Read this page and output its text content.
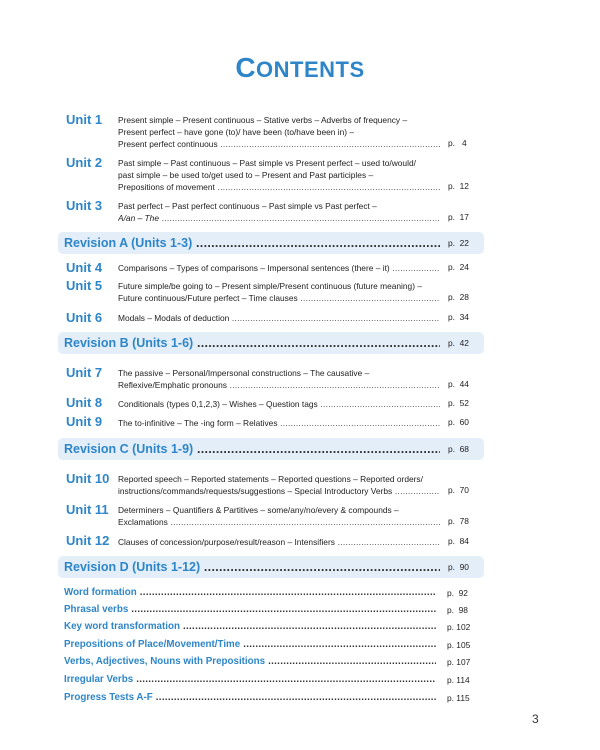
CONTENTS
Unit 1 Present simple – Present continuous – Stative verbs – Adverbs of frequency –
Present perfect – have gone (to)/ have been (to/have been in) –
Present perfect continuous .....	p.   4
Unit 2 Past simple – Past continuous – Past simple vs Present perfect – used to/would/
past simple – be used to/get used to – Present and Past participles –
Prepositions of movement .....	p.  12
Unit 3 Past perfect – Past perfect continuous – Past simple vs Past perfect –
A/an – The .....	p.  17
Revision A (Units 1-3) .....	p.  22
Unit 4 Comparisons – Types of comparisons – Impersonal sentences (there – it) .....	p.  24
Unit 5 Future simple/be going to – Present simple/Present continuous (future meaning) –
Future continuous/Future perfect – Time clauses .....	p.  28
Unit 6 Modals – Modals of deduction .....	p.  34
Revision B (Units 1-6) .....	p.  42
Unit 7 The passive – Personal/Impersonal constructions – The causative –
Reflexive/Emphatic pronouns .....	p.  44
Unit 8 Conditionals (types 0,1,2,3) – Wishes – Question tags .....	p.  52
Unit 9 The to-infinitive – The -ing form – Relatives .....	p.  60
Revision C (Units 1-9) .....	p.  68
Unit 10 Reported speech – Reported statements – Reported questions – Reported orders/
instructions/commands/requests/suggestions – Special Introductory Verbs .....	p.  70
Unit 11 Determiners – Quantifiers & Partitives – some/any/no/every & compounds –
Exclamations .....	p.  78
Unit 12 Clauses of concession/purpose/result/reason – Intensifiers .....	p.  84
Revision D (Units 1-12) .....	p.  90
Word formation .....	p.  92
Phrasal verbs .....	p.  98
Key word transformation .....	p. 102
Prepositions of Place/Movement/Time .....	p. 105
Verbs, Adjectives, Nouns with Prepositions .....	p. 107
Irregular Verbs .....	p. 114
Progress Tests A-F .....	p. 115
3
